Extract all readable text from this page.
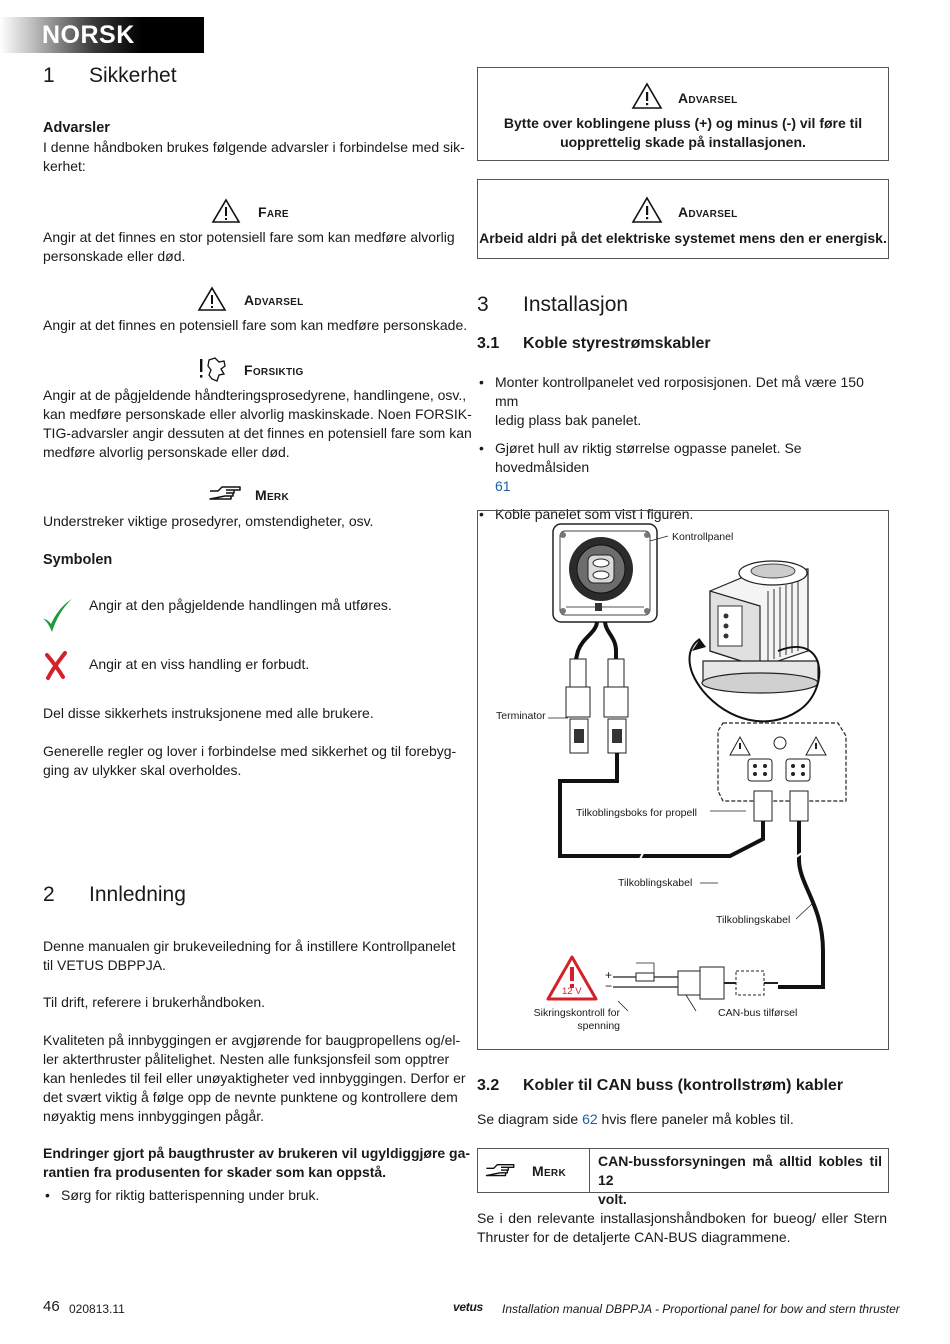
NORSK
1 Sikkerhet
Advarsler

I denne håndboken brukes følgende advarsler i forbindelse med sik-

kerhet:

Fare

Angir at det finnes en stor potensiell fare som kan medføre alvorlig

personskade eller død.

Advarsel
Angir at det finnes en potensiell fare som kan medføre personskade.
Forsiktig

Angir at de pågjeldende håndteringsprosedyrene, handlingene, osv.,

kan medføre personskade eller alvorlig maskinskade. Noen FORSIK-

TIG-advarsler angir dessuten at det finnes en potensiell fare som kan

medføre alvorlig personskade eller død.

Merk
Understreker viktige prosedyrer, omstendigheter, osv.
Symbolen
Angir at den pågjeldende handlingen må utføres.
Angir at en viss handling er forbudt.
Del disse sikkerhets instruksjonene med alle brukere.

Generelle regler og lover i forbindelse med sikkerhet og til forebyg-

ging av ulykker skal overholdes.

2 Innledning

Denne manualen gir brukeveiledning for å instillere Kontrollpanelet

til VETUS DBPPJA.

Til drift, referere i brukerhåndboken.

Kvaliteten på innbyggingen er avgjørende for baugpropellens og/el-

ler akterthruster pålitelighet. Nesten alle funksjonsfeil som opptrer

kan henledes til feil eller unøyaktigheter ved innbyggingen. Derfor er

det svært viktig å følge opp de nevnte punktene og kontrollere dem

nøyaktig mens innbyggingen pågår.

Endringer gjort på baugthruster av brukeren vil ugyldiggjøre ga-

rantien fra produsenten for skader som kan oppstå.

• Sørg for riktig batterispenning under bruk.
Advarsel

Bytte over koblingene pluss (+) og minus (-) vil føre til

uopprettelig skade på installasjonen.

Advarsel
Arbeid aldri på det elektriske systemet mens den er energisk.
3 Installasjon
3.1 Koble styrestrømskabler

• Monter kontrollpanelet ved rorposisjonen. Det må være 150 mm

ledig plass bak panelet.

• Gjøret hull av riktig størrelse ogpasse panelet. Se hovedmålsiden

61

• Koble panelet som vist i figuren.
Kontrollpanel
Terminator
Tilkoblingsboks for propell
Tilkoblingskabel
Tilkoblingskabel
12 V
+
−
Sikringskontroll for
spenning
CAN-bus tilførsel
3.2 Kobler til CAN buss (kontrollstrøm) kabler
Se diagram side 62 hvis flere paneler må kobles til.
Merk

CAN-bussforsyningen må alltid kobles til 12

volt.

Se i den relevante installasjonshåndboken for bueog/ eller Stern

Thruster for de detaljerte CAN-BUS diagrammene.

46 020813.11	vetus Installation manual DBPPJA - Proportional panel for bow and stern thruster
